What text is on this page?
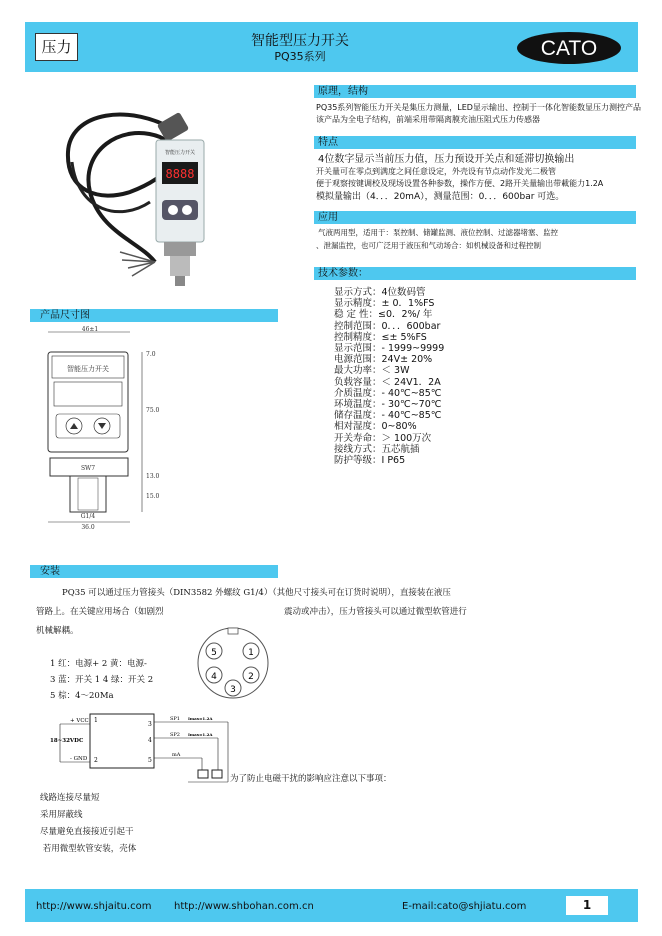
压力	智能型压力开关
PQ35系列	CATO
智能压力开关
8888
原理，结构
PQ35系列智能压力开关是集压力测量，LED显示输出、控制于一体化智能数显压力测控产品
该产品为全电子结构，前端采用带隔离膜充油压阻式压力传感器
特点
4位数字显示当前压力值，压力预设开关点和延滞切换输出
开关量可在零点到满度之间任意设定，外壳设有节点动作发光二极管
便于观察按键调校及现场设置各种参数，操作方便、2路开关量输出带載能力1.2A
模拟量输出（4．．．20mA），测量范围：0．．．600bar 可选。
应用
气液两用型，适用于：泵控制、储罐监测、液位控制、过滤器堵塞、监控
、泄漏监控，也可广泛用于液压和气动场合：如机械设备和过程控制
技术参数：
显示方式：4位数码管
显示精度：± 0．1%FS
稳 定 性：≤0．2%/ 年
控制范围：0．．．600bar
控制精度：≤± 5%FS
显示范围：- 1999~9999
电源范围：24V± 20%
最大功率：＜ 3W
负载容量：＜ 24V1．2A
介质温度：- 40℃~85℃
环境温度：- 30℃~70℃
储存温度：- 40℃~85℃
相对湿度：0~80%
开关寿命：＞ 100万次
接线方式：五芯航插
防护等级：I P65
产品尺寸图
46±1
智能压力开关
SW7
36.0
G1/4
7.0
75.0
13.0
15.0
安装
PQ35 可以通过压力管接头（DIN3582 外螺纹 G1/4）（其他尺寸接头可在订货时说明），直接装在液压
管路上。在关键应用场合（如剧烈	震动或冲击），压力管接头可以通过微型软管进行
机械解耦。
5	1
4	2
3
1 红：电源+ 2 黄：电源-
3 蓝：开关 1 4 绿：开关 2
5 棕：4～20Ma
+ VCC
18~32VDC
- GND
1
2
3
4
5
SP1
SP2
mA
Imax=1.2A
Imax=1.2A
为了防止电磁干扰的影响应注意以下事项：
线路连接尽量短
采用屏蔽线
尽量避免直接接近引起干
若用微型软管安装，壳体
http://www.shjaitu.com http://www.shbohan.com.cn	E-mail:cato@shjiatu.com	1
